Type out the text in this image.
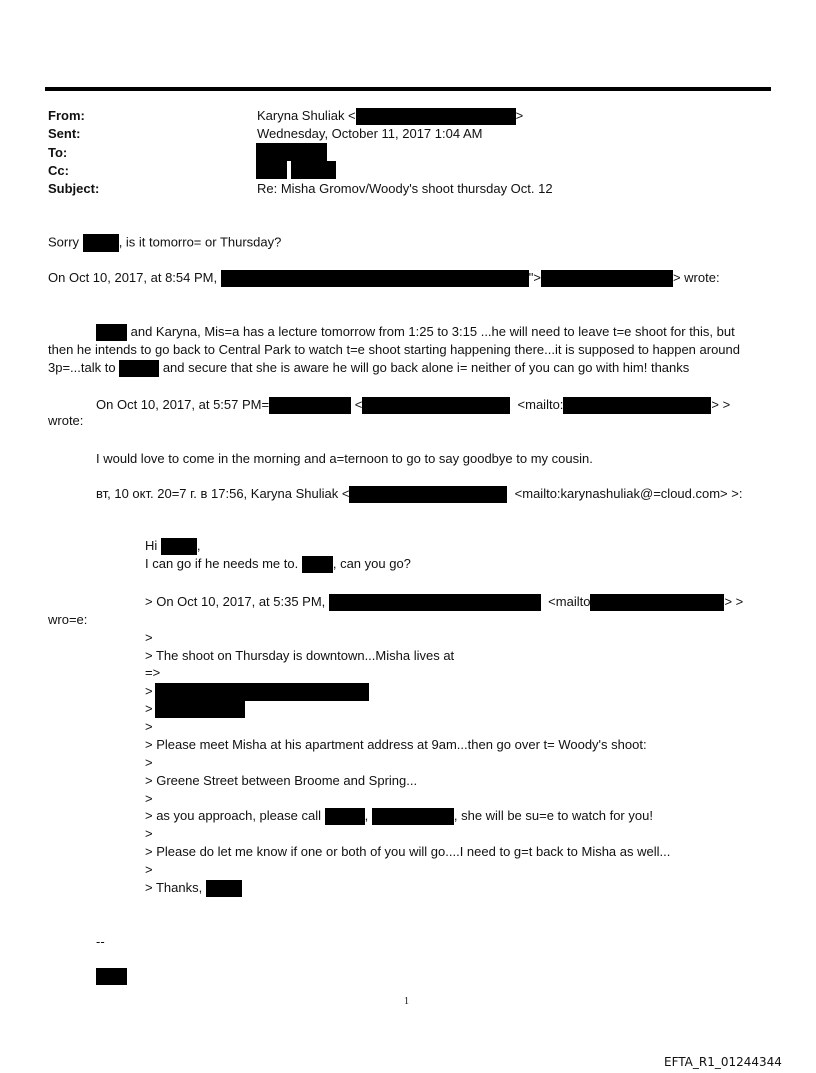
From:	Karyna Shuliak <	>
Sent:	Wednesday, October 11, 2017 1:04 AM
To:
Cc:
Subject:	Re: Misha Gromov/Woody's shoot thursday Oct. 12
Sorry	, is it tomorro= or Thursday?
On Oct 10, 2017, at 8:54 PM,	">	> wrote:
and Karyna, Mis=a has a lecture tomorrow from 1:25 to 3:15 ...he will need to leave t=e shoot for this, but
then he intends to go back to Central Park to watch t=e shoot starting happening there...it is supposed to happen around
3p=...talk to	and secure that she is aware he will go back alone i= neither of you can go with him! thanks
On Oct 10, 2017, at 5:57 PM=	<	<mailto:	> >
wrote:
I would love to come in the morning and a=ternoon to go to say goodbye to my cousin.
вт, 10 окт. 20=7 г. в 17:56, Karyna Shuliak <	<mailto:karynashuliak@=cloud.com> >:
Hi	,
I can go if he needs me to.	, can you go?
> On Oct 10, 2017, at 5:35 PM,	<mailto	> >
wro=e:
>
> The shoot on Thursday is downtown...Misha lives at
=>
>
>
>
> Please meet Misha at his apartment address at 9am...then go over t= Woody's shoot:
>
> Greene Street between Broome and Spring...
>
> as you approach, please call	,	, she will be su=e to watch for you!
>
> Please do let me know if one or both of you will go....I need to g=t back to Misha as well...
>
> Thanks,
--
1
EFTA_R1_01244344
